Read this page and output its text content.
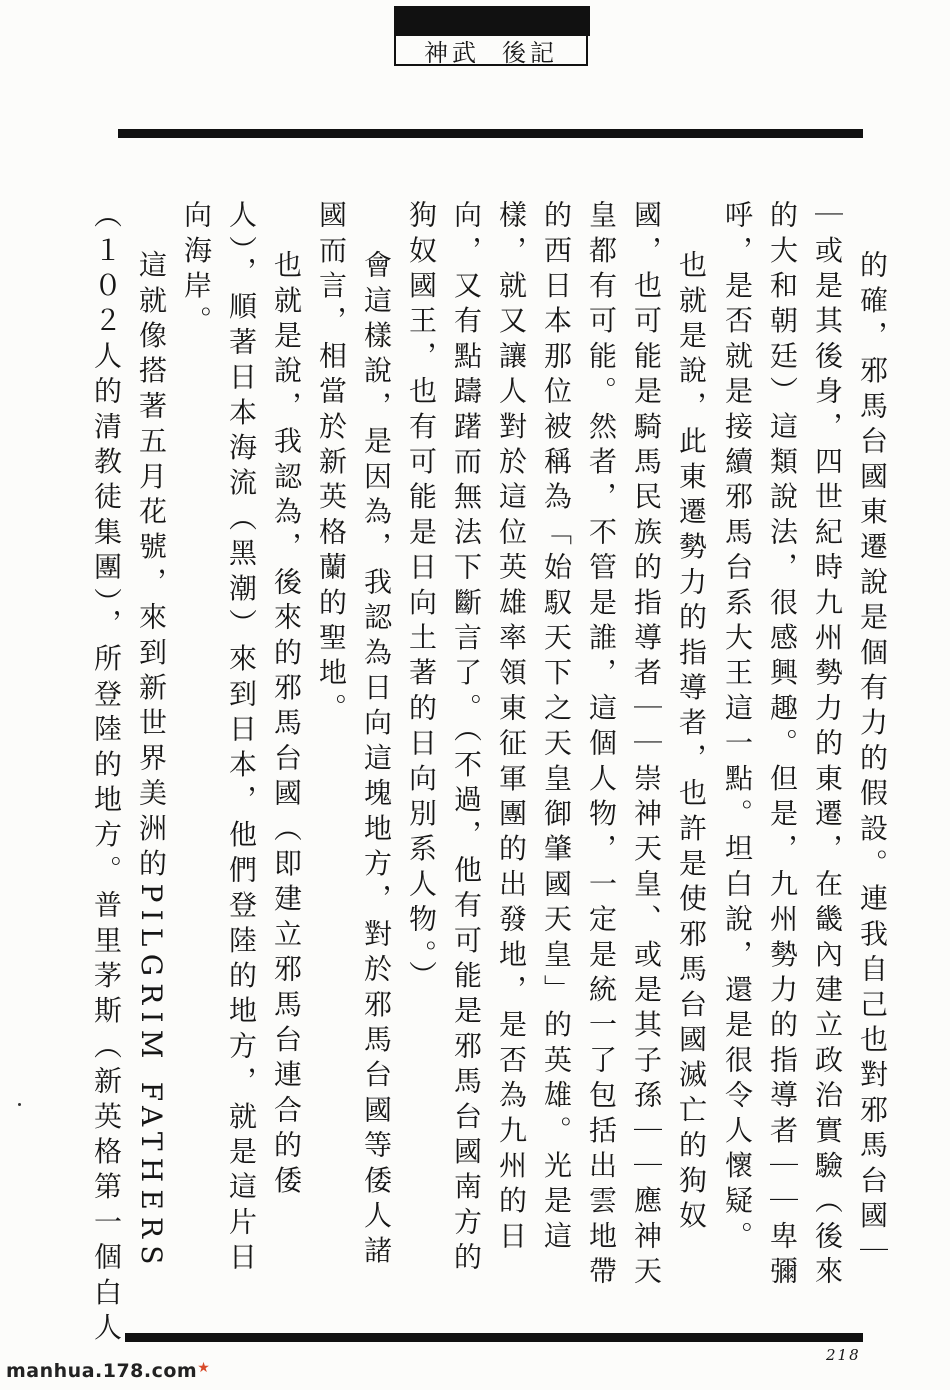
神武 後記
的確，邪馬台國東遷說是個有力的假設。連我自己也對邪馬台國｜
｜或是其後身，四世紀時九州勢力的東遷，在畿內建立政治實驗（後來
的大和朝廷）這類說法，很感興趣。但是，九州勢力的指導者｜｜卑彌
呼，是否就是接續邪馬台系大王這一點。坦白說，還是很令人懷疑。
也就是說，此東遷勢力的指導者，也許是使邪馬台國滅亡的狗奴
國，也可能是騎馬民族的指導者｜｜崇神天皇、或是其子孫｜｜應神天
皇都有可能。然者，不管是誰，這個人物，一定是統一了包括出雲地帶
的西日本那位被稱為「始馭天下之天皇御肇國天皇」的英雄。光是這
樣，就又讓人對於這位英雄率領東征軍團的出發地，是否為九州的日
向，又有點躊躇而無法下斷言了。（不過，他有可能是邪馬台國南方的
狗奴國王，也有可能是日向土著的日向別系人物。）
會這樣說，是因為，我認為日向這塊地方，對於邪馬台國等倭人諸
國而言，相當於新英格蘭的聖地。
也就是說，我認為，後來的邪馬台國（即建立邪馬台連合的倭
人），順著日本海流（黑潮）來到日本，他們登陸的地方，就是這片日
向海岸。
這就像搭著五月花號，來到新世界美洲的PILGRIM FATHERS
（１０２人的清教徒集團），所登陸的地方。普里茅斯（新英格第一個白人
218
manhua.178.com★
